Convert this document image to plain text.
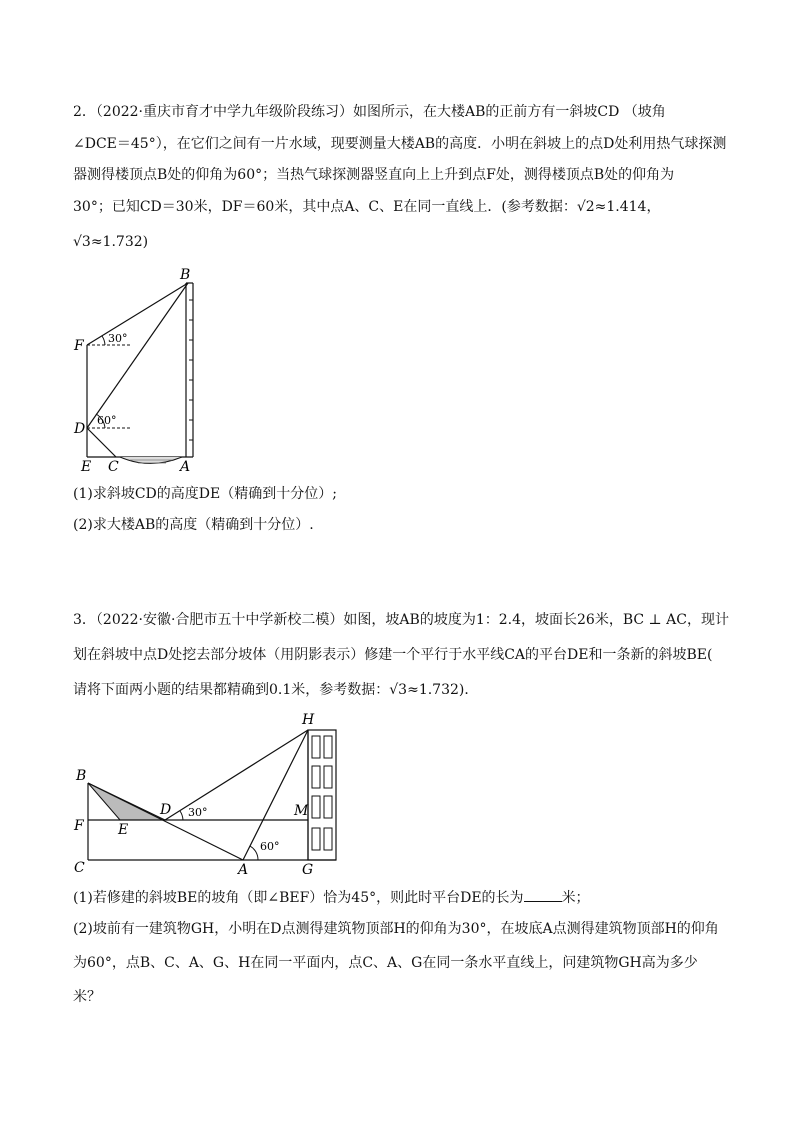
2．（2022·重庆市育才中学九年级阶段练习）如图所示，在大楼AB的正前方有一斜坡CD （坡角
∠DCE＝45°），在它们之间有一片水域，现要测量大楼AB的高度．小明在斜坡上的点D处利用热气球探测
器测得楼顶点B处的仰角为60°；当热气球探测器竖直向上上升到点F处，测得楼顶点B处的仰角为
30°；已知CD＝30米，DF＝60米，其中点A、C、E在同一直线上．(参考数据：√2≈1.414，
√3≈1.732)
B
F
D
E C	A
30°
60°
(1)求斜坡CD的高度DE（精确到十分位）;
(2)求大楼AB的高度（精确到十分位）.
3．（2022·安徽·合肥市五十中学新校二模）如图，坡AB的坡度为1：2.4，坡面长26米，BC ⊥ AC，现计
划在斜坡中点D处挖去部分坡体（用阴影表示）修建一个平行于水平线CA的平台DE和一条新的斜坡BE(
请将下面两小题的结果都精确到0.1米，参考数据：√3≈1.732)．
H
B
D	M
F E
C	A	G
30°
60°
(1)若修建的斜坡BE的坡角（即∠BEF）恰为45°，则此时平台DE的长为	米；
(2)坡前有一建筑物GH，小明在D点测得建筑物顶部H的仰角为30°，在坡底A点测得建筑物顶部H的仰角
为60°，点B、C、A、G、H在同一平面内，点C、A、G在同一条水平直线上，问建筑物GH高为多少
米？
